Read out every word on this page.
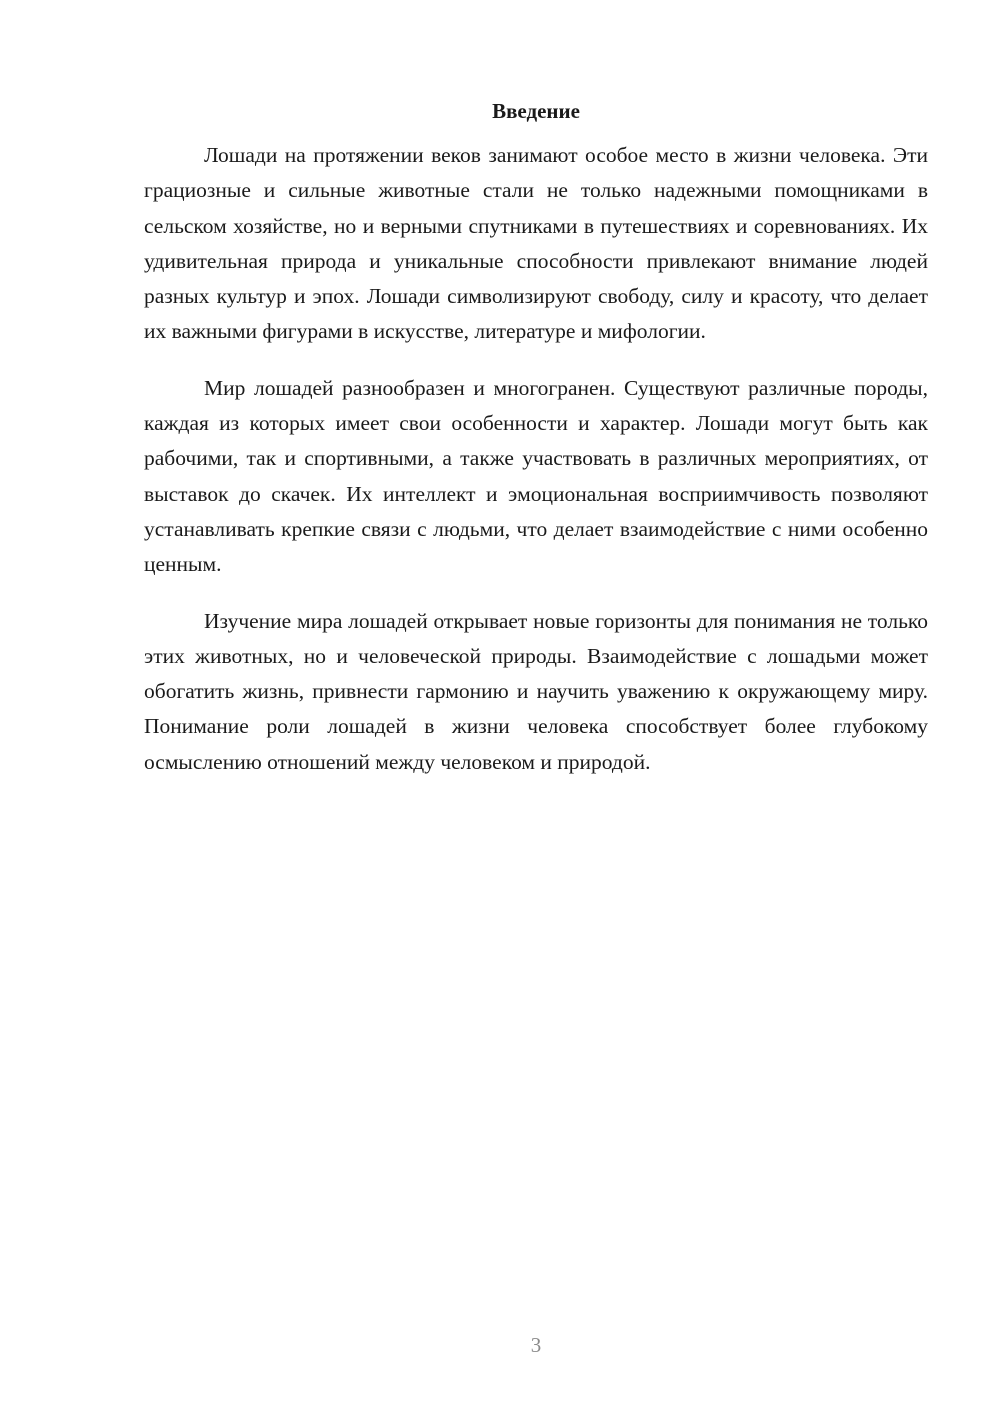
Введение

Лошади на протяжении веков занимают особое место в жизни человека. Эти грациозные и сильные животные стали не только надежными помощниками в сельском хозяйстве, но и верными спутниками в путешествиях и соревнованиях. Их удивительная природа и уникальные способности привлекают внимание людей разных культур и эпох. Лошади символизируют свободу, силу и красоту, что делает их важными фигурами в искусстве, литературе и мифологии.

Мир лошадей разнообразен и многогранен. Существуют различные породы, каждая из которых имеет свои особенности и характер. Лошади могут быть как рабочими, так и спортивными, а также участвовать в различных мероприятиях, от выставок до скачек. Их интеллект и эмоциональная восприимчивость позволяют устанавливать крепкие связи с людьми, что делает взаимодействие с ними особенно ценным.

Изучение мира лошадей открывает новые горизонты для понимания не только этих животных, но и человеческой природы. Взаимодействие с лошадьми может обогатить жизнь, привнести гармонию и научить уважению к окружающему миру. Понимание роли лошадей в жизни человека способствует более глубокому осмыслению отношений между человеком и природой.

3
